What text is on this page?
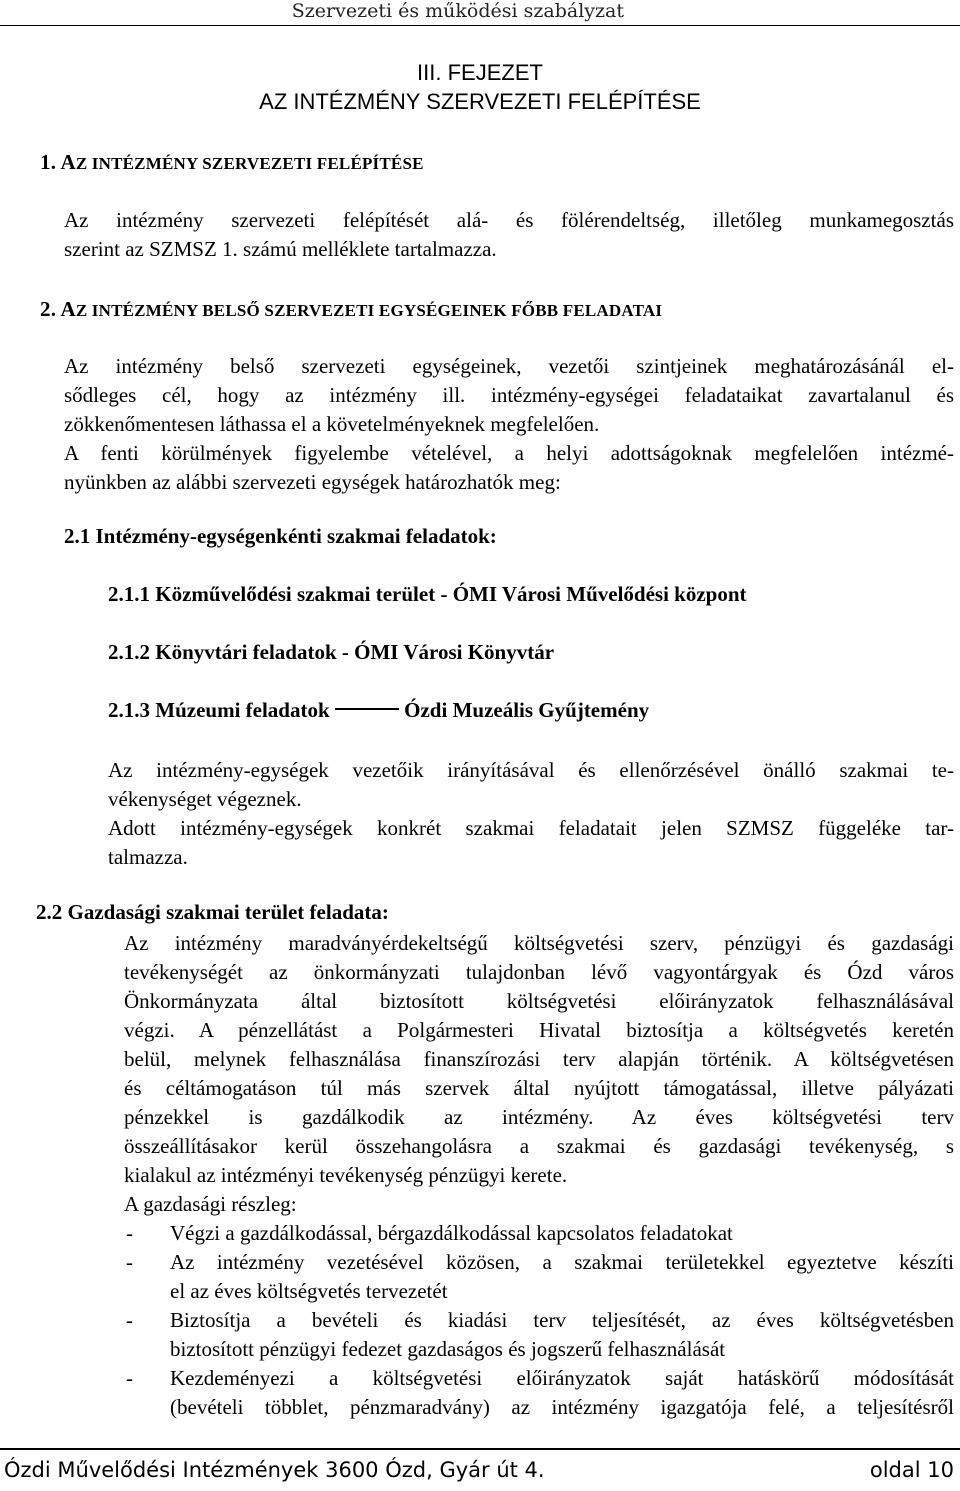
Szervezeti és működési szabályzat
III. FEJEZET
AZ INTÉZMÉNY SZERVEZETI FELÉPÍTÉSE
1. AZ INTÉZMÉNY SZERVEZETI FELÉPÍTÉSE
Az intézmény szervezeti felépítését alá- és fölérendeltség, illetőleg munkamegosztás
szerint az SZMSZ 1. számú melléklete tartalmazza.
2. AZ INTÉZMÉNY BELSŐ SZERVEZETI EGYSÉGEINEK FŐBB FELADATAI
Az intézmény belső szervezeti egységeinek, vezetői szintjeinek meghatározásánál el-
sődleges cél, hogy az intézmény ill. intézmény-egységei feladataikat zavartalanul és
zökkenőmentesen láthassa el a követelményeknek megfelelően.
A fenti körülmények figyelembe vételével, a helyi adottságoknak megfelelően intézmé-
nyünkben az alábbi szervezeti egységek határozhatók meg:
2.1 Intézmény-egységenkénti szakmai feladatok:
2.1.1 Közművelődési szakmai terület - ÓMI Városi Művelődési központ
2.1.2 Könyvtári feladatok - ÓMI Városi Könyvtár
2.1.3 Múzeumi feladatok	Ózdi Muzeális Gyűjtemény
Az intézmény-egységek vezetőik irányításával és ellenőrzésével önálló szakmai te-
vékenységet végeznek.
Adott intézmény-egységek konkrét szakmai feladatait jelen SZMSZ függeléke tar-
talmazza.
2.2 Gazdasági szakmai terület feladata:
Az intézmény maradványérdekeltségű költségvetési szerv, pénzügyi és gazdasági
tevékenységét az önkormányzati tulajdonban lévő vagyontárgyak és Ózd város
Önkormányzata által biztosított költségvetési előirányzatok felhasználásával
végzi. A pénzellátást a Polgármesteri Hivatal biztosítja a költségvetés keretén
belül, melynek felhasználása finanszírozási terv alapján történik. A költségvetésen
és céltámogatáson túl más szervek által nyújtott támogatással, illetve pályázati
pénzekkel is gazdálkodik az intézmény. Az éves költségvetési terv
összeállításakor kerül összehangolásra a szakmai és gazdasági tevékenység, s
kialakul az intézményi tevékenység pénzügyi kerete.
A gazdasági részleg:
- Végzi a gazdálkodással, bérgazdálkodással kapcsolatos feladatokat
- Az intézmény vezetésével közösen, a szakmai területekkel egyeztetve készíti
el az éves költségvetés tervezetét
- Biztosítja a bevételi és kiadási terv teljesítését, az éves költségvetésben
biztosított pénzügyi fedezet gazdaságos és jogszerű felhasználását
- Kezdeményezi a költségvetési előirányzatok saját hatáskörű módosítását
(bevételi többlet, pénzmaradvány) az intézmény igazgatója felé, a teljesítésről
Ózdi Művelődési Intézmények 3600 Ózd, Gyár út 4.	oldal 10
